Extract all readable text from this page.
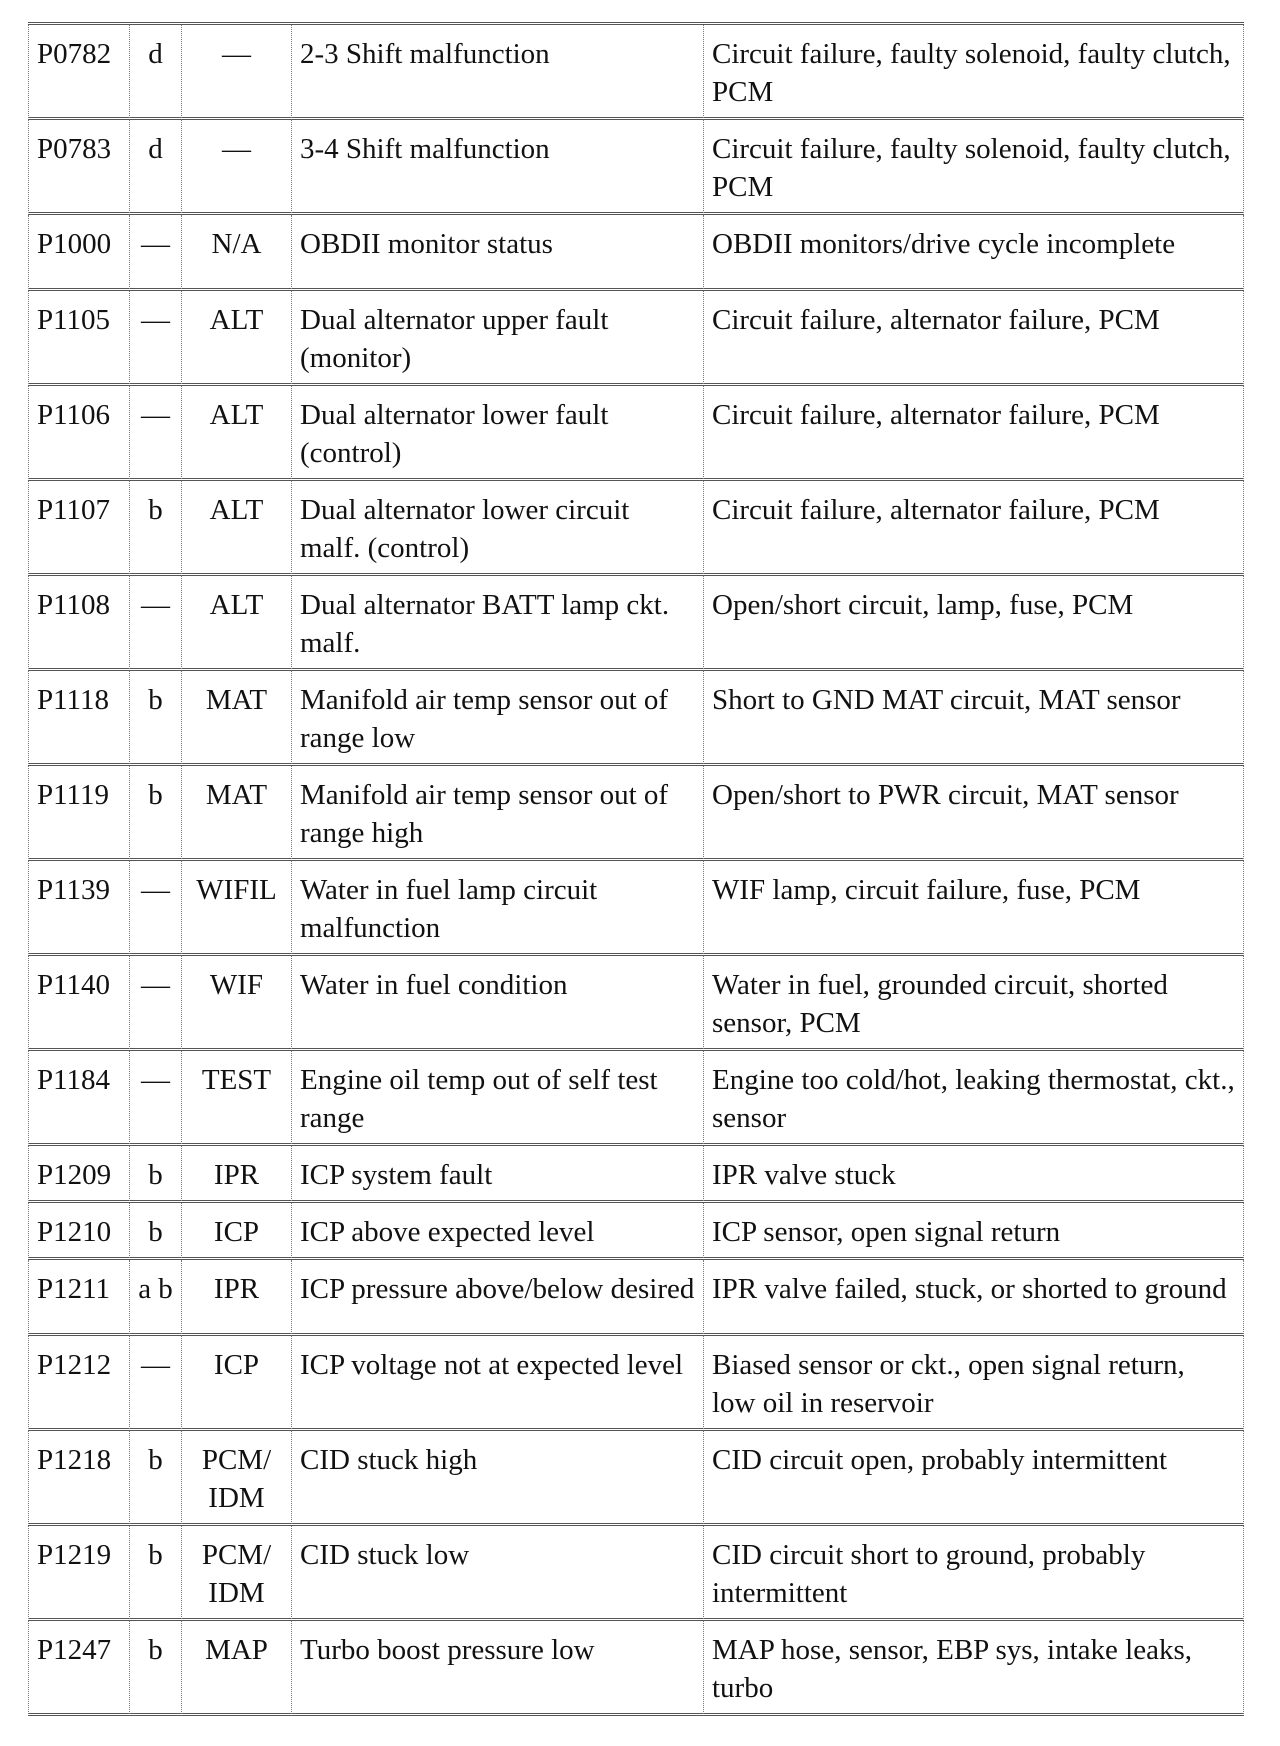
P0782	d	—	2-3 Shift malfunction	Circuit failure, faulty solenoid, faulty clutch, PCM
P0783	d	—	3-4 Shift malfunction	Circuit failure, faulty solenoid, faulty clutch, PCM
P1000	—	N/A	OBDII monitor status	OBDII monitors/drive cycle incomplete
P1105	—	ALT	Dual alternator upper fault (monitor)	Circuit failure, alternator failure, PCM
P1106	—	ALT	Dual alternator lower fault (control)	Circuit failure, alternator failure, PCM
P1107	b	ALT	Dual alternator lower circuit malf. (control)	Circuit failure, alternator failure, PCM
P1108	—	ALT	Dual alternator BATT lamp ckt. malf.	Open/short circuit, lamp, fuse, PCM
P1118	b	MAT	Manifold air temp sensor out of range low	Short to GND MAT circuit, MAT sensor
P1119	b	MAT	Manifold air temp sensor out of range high	Open/short to PWR circuit, MAT sensor
P1139	—	WIFIL	Water in fuel lamp circuit malfunction	WIF lamp, circuit failure, fuse, PCM
P1140	—	WIF	Water in fuel condition	Water in fuel, grounded circuit, shorted sensor, PCM
P1184	—	TEST	Engine oil temp out of self test range	Engine too cold/hot, leaking thermostat, ckt., sensor
P1209	b	IPR	ICP system fault	IPR valve stuck
P1210	b	ICP	ICP above expected level	ICP sensor, open signal return
P1211	a b	IPR	ICP pressure above/below desired	IPR valve failed, stuck, or shorted to ground
P1212	—	ICP	ICP voltage not at expected level	Biased sensor or ckt., open signal return, low oil in reservoir
P1218	b	PCM/ IDM	CID stuck high	CID circuit open, probably intermittent
P1219	b	PCM/ IDM	CID stuck low	CID circuit short to ground, probably intermittent
P1247	b	MAP	Turbo boost pressure low	MAP hose, sensor, EBP sys, intake leaks, turbo
